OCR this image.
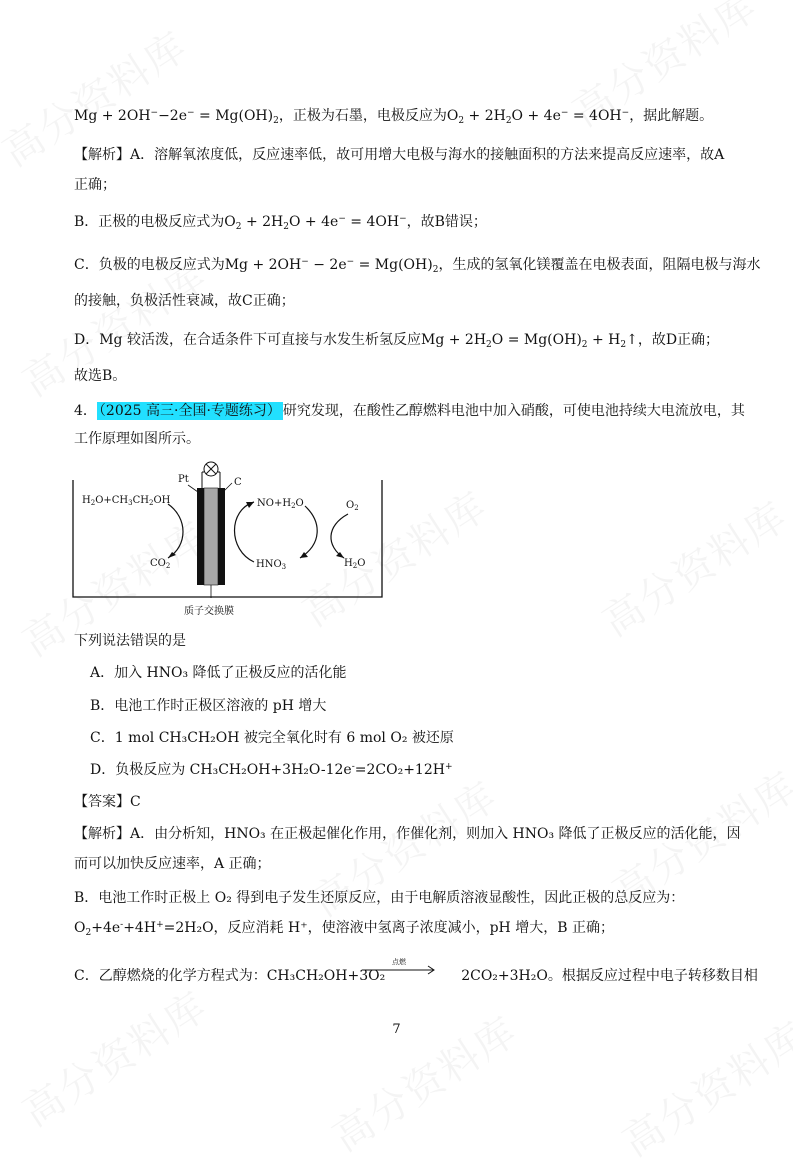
$Mg + 2OH^--2e^- = Mg(OH)_2$，正极为石墨，电极反应为$O_2 + 2H_2O + 4e^- = 4OH^-$，据此解题。
【解析】A．溶解氧浓度低，反应速率低，故可用增大电极与海水的接触面积的方法来提高反应速率，故A
正确；
B．正极的电极反应式为$O_2 + 2H_2O + 4e^- = 4OH^-$，故B错误；
C．负极的电极反应式为$Mg + 2OH^- - 2e^- = Mg(OH)_2$，生成的氢氧化镁覆盖在电极表面，阻隔电极与海水
的接触，负极活性衰减，故C正确；
D．Mg 较活泼，在合适条件下可直接与水发生析氢反应$Mg + 2H_2O = Mg(OH)_2$ + $H_2↑$，故D正确；
故选B。
4． （2025 高三·全国·专题练习） 研究发现，在酸性乙醇燃料电池中加入硝酸，可使电池持续大电流放电，其
工作原理如图所示。
Pt	C
$H_2O+CH_3CH_2OH$
$CO_2$
$NO+H_2O$
$HNO_3$
$O_2$
$H_2O$
质子交换膜
下列说法错误的是
A．加入 HNO₃ 降低了正极反应的活化能
B．电池工作时正极区溶液的 pH 增大
C．1 mol CH₃CH₂OH 被完全氧化时有 6 mol O₂ 被还原
D．负极反应为 CH₃CH₂OH+3H₂O-12e-=2CO₂+12H+
【答案】C
【解析】A．由分析知，HNO₃ 在正极起催化作用，作催化剂，则加入 HNO₃ 降低了正极反应的活化能，因
而可以加快反应速率，A 正确；
B．电池工作时正极上 O₂ 得到电子发生还原反应，由于电解质溶液显酸性，因此正极的总反应为：
$O_2+4e^-+4H^+=2H_2O$，反应消耗 H⁺，使溶液中氢离子浓度减小，pH 增大，B 正确；
C．乙醇燃烧的化学方程式为：CH₃CH₂OH+3O₂	2CO₂+3H₂O。根据反应过程中电子转移数目相
点燃
7
